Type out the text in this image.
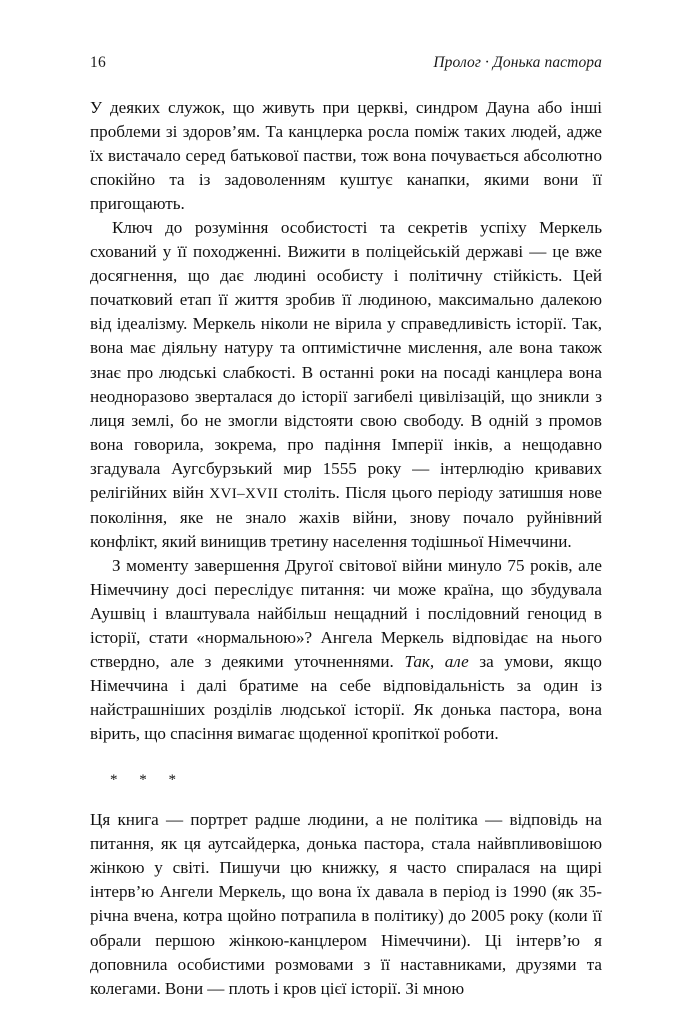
16	Пролог · Донька пастора

У деяких служок, що живуть при церкві, синдром Дауна або інші проблеми зі здоров’ям. Та канцлерка росла поміж таких людей, адже їх вистачало серед батькової пастви, тож вона почувається абсолютно спокійно та із задоволенням куштує канапки, якими вони її пригощають.

Ключ до розуміння особистості та секретів успіху Меркель схований у її походженні. Вижити в поліцейській державі — це вже досягнення, що дає людині особисту і політичну стійкість. Цей початковий етап її життя зробив її людиною, максимально далекою від ідеалізму. Меркель ніколи не вірила у справедливість історії. Так, вона має діяльну натуру та оптимістичне мислення, але вона також знає про людські слабкості. В останні роки на посаді канцлера вона неодноразово зверталася до історії загибелі цивілізацій, що зникли з лиця землі, бо не змогли відстояти свою свободу. В одній з промов вона говорила, зокрема, про падіння Імперії інків, а нещодавно згадувала Аугсбурзький мир 1555 року — інтерлюдію кривавих релігійних війн XVI–XVII століть. Після цього періоду затишшя нове покоління, яке не знало жахів війни, знову почало руйнівний конфлікт, який винищив третину населення тодішньої Німеччини.

З моменту завершення Другої світової війни минуло 75 років, але Німеччину досі переслідує питання: чи може країна, що збудувала Аушвіц і влаштувала найбільш нещадний і послідовний геноцид в історії, стати «нормальною»? Ангела Меркель відповідає на нього ствердно, але з деякими уточненнями. Так, але за умови, якщо Німеччина і далі братиме на себе відповідальність за один із найстрашніших розділів людської історії. Як донька пастора, вона вірить, що спасіння вимагає щоденної кропіткої роботи.

* * *

Ця книга — портрет радше людини, а не політика — відповідь на питання, як ця аутсайдерка, донька пастора, стала найвпливовішою жінкою у світі. Пишучи цю книжку, я часто спиралася на щирі інтерв’ю Ангели Меркель, що вона їх давала в період із 1990 (як 35-річна вчена, котра щойно потрапила в політику) до 2005 року (коли її обрали першою жінкою-канцлером Німеччини). Ці інтерв’ю я доповнила особистими розмовами з її наставниками, друзями та колегами. Вони — плоть і кров цієї історії. Зі мною
